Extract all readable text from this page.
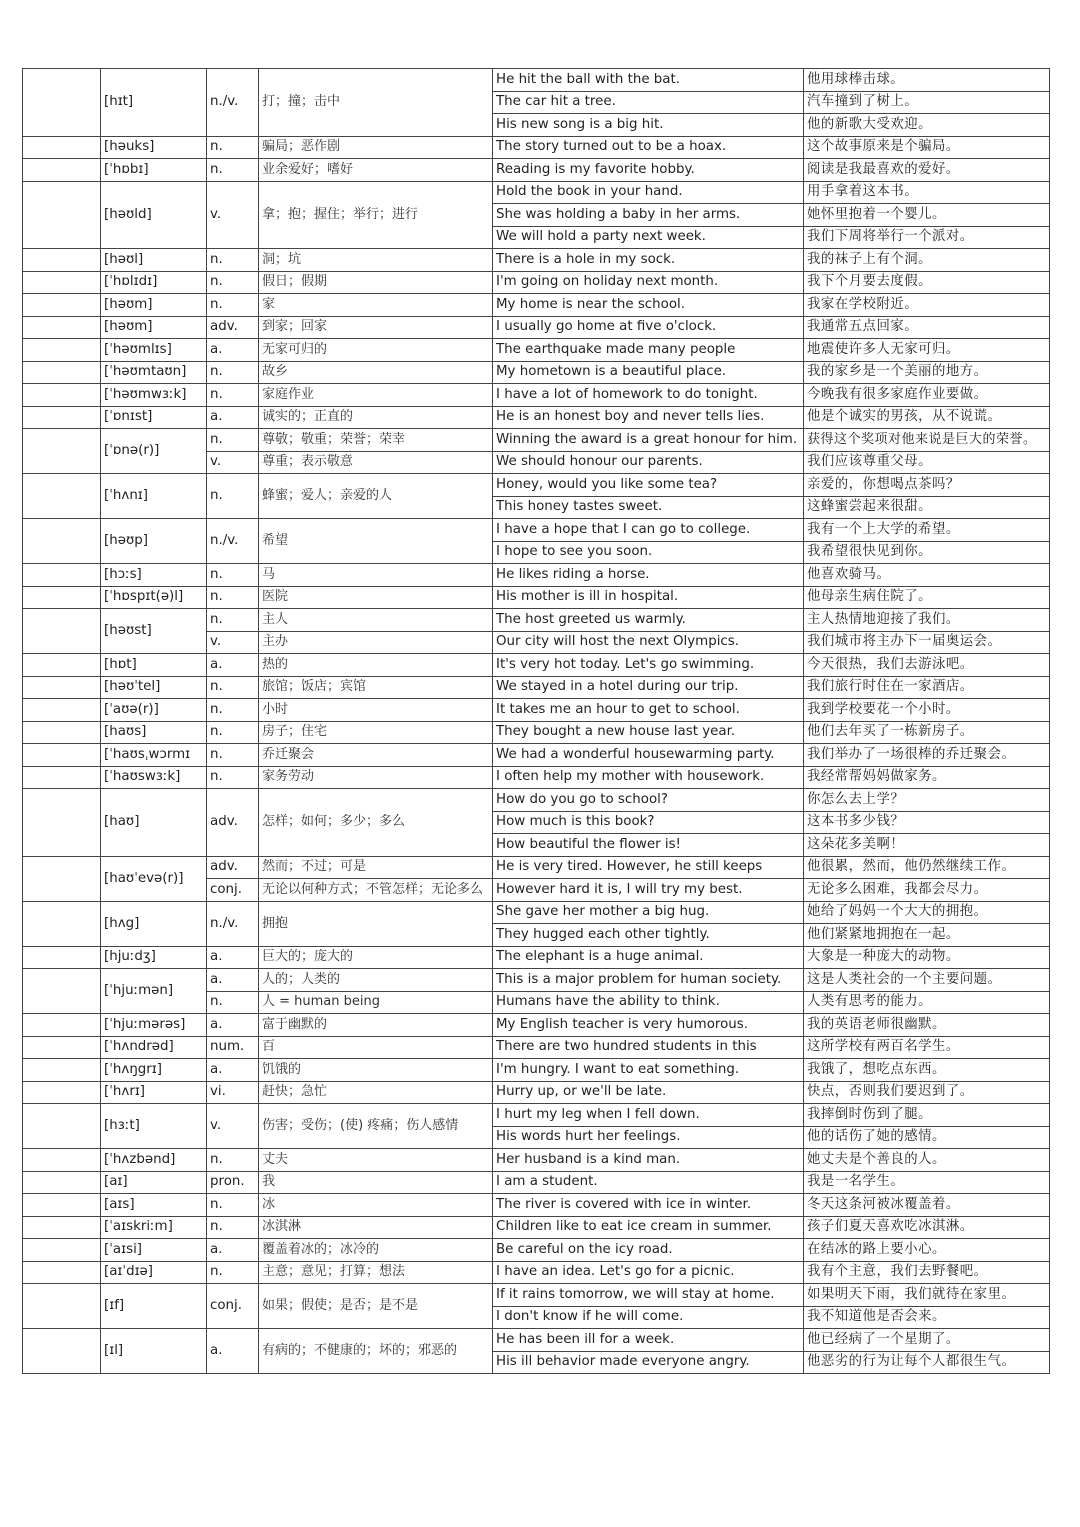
	[hɪt]	n./v.	打；撞；击中	He hit the ball with the bat.	他用球棒击球。
				The car hit a tree.	汽车撞到了树上。
				His new song is a big hit.	他的新歌大受欢迎。
	[həuks]	n.	骗局；恶作剧	The story turned out to be a hoax.	这个故事原来是个骗局。
	[ˈhɒbɪ]	n.	业余爱好；嗜好	Reading is my favorite hobby.	阅读是我最喜欢的爱好。
	[həʊld]	v.	拿；抱；握住；举行；进行	Hold the book in your hand.	用手拿着这本书。
				She was holding a baby in her arms.	她怀里抱着一个婴儿。
				We will hold a party next week.	我们下周将举行一个派对。
	[həʊl]	n.	洞；坑	There is a hole in my sock.	我的袜子上有个洞。
	[ˈhɒlɪdɪ]	n.	假日；假期	I'm going on holiday next month.	我下个月要去度假。
	[həʊm]	n.	家	My home is near the school.	我家在学校附近。
	[həʊm]	adv.	到家；回家	I usually go home at five o'clock.	我通常五点回家。
	[ˈhəʊmlɪs]	a.	无家可归的	The earthquake made many people	地震使许多人无家可归。
	[ˈhəʊmtaʊn]	n.	故乡	My hometown is a beautiful place.	我的家乡是一个美丽的地方。
	[ˈhəʊmwɜːk]	n.	家庭作业	I have a lot of homework to do tonight.	今晚我有很多家庭作业要做。
	[ˈɒnɪst]	a.	诚实的；正直的	He is an honest boy and never tells lies.	他是个诚实的男孩，从不说谎。
	[ˈɒnə(r)]	n.	尊敬；敬重；荣誉；荣幸	Winning the award is a great honour for him.	获得这个奖项对他来说是巨大的荣誉。
		v.	尊重；表示敬意	We should honour our parents.	我们应该尊重父母。
	[ˈhʌnɪ]	n.	蜂蜜；爱人；亲爱的人	Honey, would you like some tea?	亲爱的，你想喝点茶吗？
				This honey tastes sweet.	这蜂蜜尝起来很甜。
	[həʊp]	n./v.	希望	I have a hope that I can go to college.	我有一个上大学的希望。
				I hope to see you soon.	我希望很快见到你。
	[hɔːs]	n.	马	He likes riding a horse.	他喜欢骑马。
	[ˈhɒspɪt(ə)l]	n.	医院	His mother is ill in hospital.	他母亲生病住院了。
	[həʊst]	n.	主人	The host greeted us warmly.	主人热情地迎接了我们。
		v.	主办	Our city will host the next Olympics.	我们城市将主办下一届奥运会。
	[hɒt]	a.	热的	It's very hot today. Let's go swimming.	今天很热，我们去游泳吧。
	[həʊˈtel]	n.	旅馆；饭店；宾馆	We stayed in a hotel during our trip.	我们旅行时住在一家酒店。
	[ˈaʊə(r)]	n.	小时	It takes me an hour to get to school.	我到学校要花一个小时。
	[haʊs]	n.	房子；住宅	They bought a new house last year.	他们去年买了一栋新房子。
	[ˈhaʊsˌwɔrmɪ	n.	乔迁聚会	We had a wonderful housewarming party.	我们举办了一场很棒的乔迁聚会。
	[ˈhaʊswɜːk]	n.	家务劳动	I often help my mother with housework.	我经常帮妈妈做家务。
	[haʊ]	adv.	怎样；如何；多少；多么	How do you go to school?	你怎么去上学？
				How much is this book?	这本书多少钱？
				How beautiful the flower is!	这朵花多美啊！
	[haʊˈevə(r)]	adv.	然而；不过；可是	He is very tired. However, he still keeps	他很累，然而，他仍然继续工作。
		conj.	无论以何种方式；不管怎样；无论多么	However hard it is, I will try my best.	无论多么困难，我都会尽力。
	[hʌg]	n./v.	拥抱	She gave her mother a big hug.	她给了妈妈一个大大的拥抱。
				They hugged each other tightly.	他们紧紧地拥抱在一起。
	[hjuːdʒ]	a.	巨大的；庞大的	The elephant is a huge animal.	大象是一种庞大的动物。
	[ˈhjuːmən]	a.	人的；人类的	This is a major problem for human society.	这是人类社会的一个主要问题。
		n.	人 = human being	Humans have the ability to think.	人类有思考的能力。
	[ˈhjuːmərəs]	a.	富于幽默的	My English teacher is very humorous.	我的英语老师很幽默。
	[ˈhʌndrəd]	num.	百	There are two hundred students in this	这所学校有两百名学生。
	[ˈhʌŋgrɪ]	a.	饥饿的	I'm hungry. I want to eat something.	我饿了，想吃点东西。
	[ˈhʌrɪ]	vi.	赶快；急忙	Hurry up, or we'll be late.	快点，否则我们要迟到了。
	[hɜːt]	v.	伤害；受伤；(使) 疼痛；伤人感情	I hurt my leg when I fell down.	我摔倒时伤到了腿。
				His words hurt her feelings.	他的话伤了她的感情。
	[ˈhʌzbənd]	n.	丈夫	Her husband is a kind man.	她丈夫是个善良的人。
	[aɪ]	pron.	我	I am a student.	我是一名学生。
	[aɪs]	n.	冰	The river is covered with ice in winter.	冬天这条河被冰覆盖着。
	[ˈaɪskriːm]	n.	冰淇淋	Children like to eat ice cream in summer.	孩子们夏天喜欢吃冰淇淋。
	[ˈaɪsi]	a.	覆盖着冰的；冰冷的	Be careful on the icy road.	在结冰的路上要小心。
	[aɪˈdɪə]	n.	主意；意见；打算；想法	I have an idea. Let's go for a picnic.	我有个主意，我们去野餐吧。
	[ɪf]	conj.	如果；假使；是否；是不是	If it rains tomorrow, we will stay at home.	如果明天下雨，我们就待在家里。
				I don't know if he will come.	我不知道他是否会来。
	[ɪl]	a.	有病的；不健康的；坏的；邪恶的	He has been ill for a week.	他已经病了一个星期了。
				His ill behavior made everyone angry.	他恶劣的行为让每个人都很生气。
